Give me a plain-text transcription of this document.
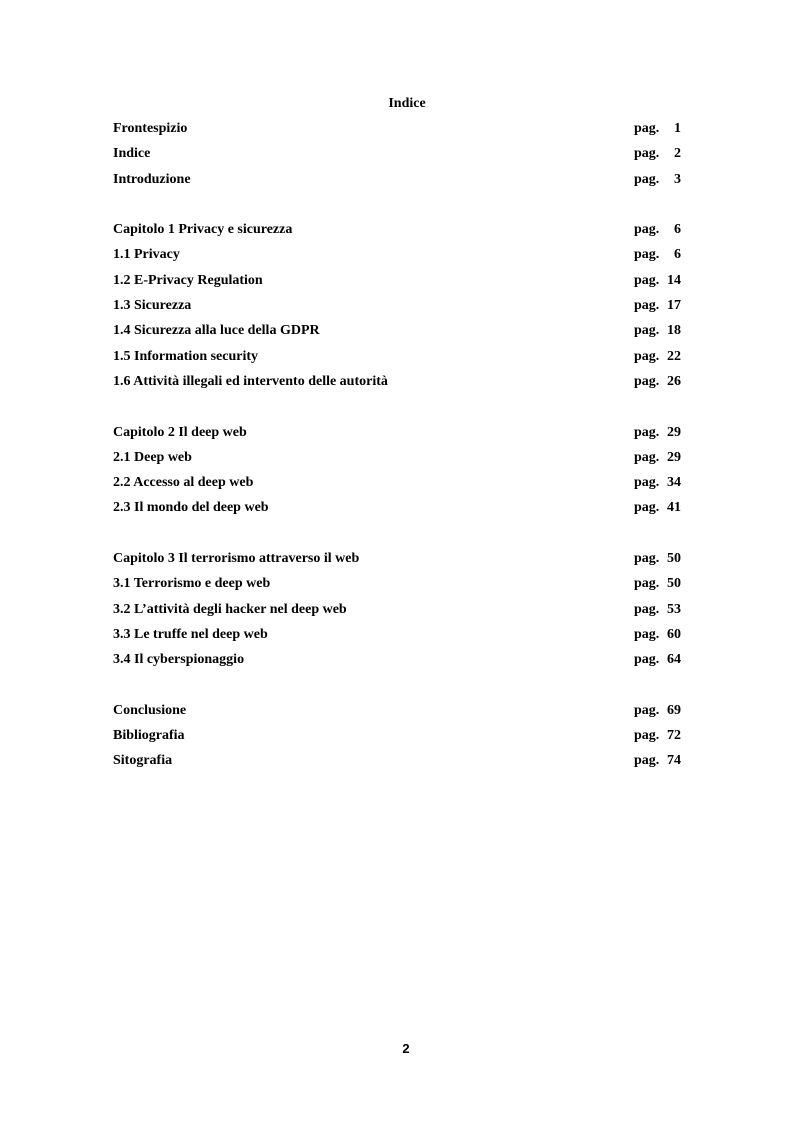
Indice
Frontespizio	pag. 1
Indice	pag. 2
Introduzione	pag. 3
Capitolo 1 Privacy e sicurezza	pag. 6
1.1 Privacy	pag. 6
1.2 E-Privacy Regulation	pag. 14
1.3 Sicurezza	pag. 17
1.4 Sicurezza alla luce della GDPR	pag. 18
1.5 Information security	pag. 22
1.6 Attività illegali ed intervento delle autorità	pag. 26
Capitolo 2 Il deep web	pag. 29
2.1 Deep web	pag. 29
2.2 Accesso al deep web	pag. 34
2.3 Il mondo del deep web	pag. 41
Capitolo 3 Il terrorismo attraverso il web	pag. 50
3.1 Terrorismo e deep web	pag. 50
3.2 L’attività degli hacker nel deep web	pag. 53
3.3 Le truffe nel deep web	pag. 60
3.4 Il cyberspionaggio	pag. 64
Conclusione	pag. 69
Bibliografia	pag. 72
Sitografia	pag. 74
2
